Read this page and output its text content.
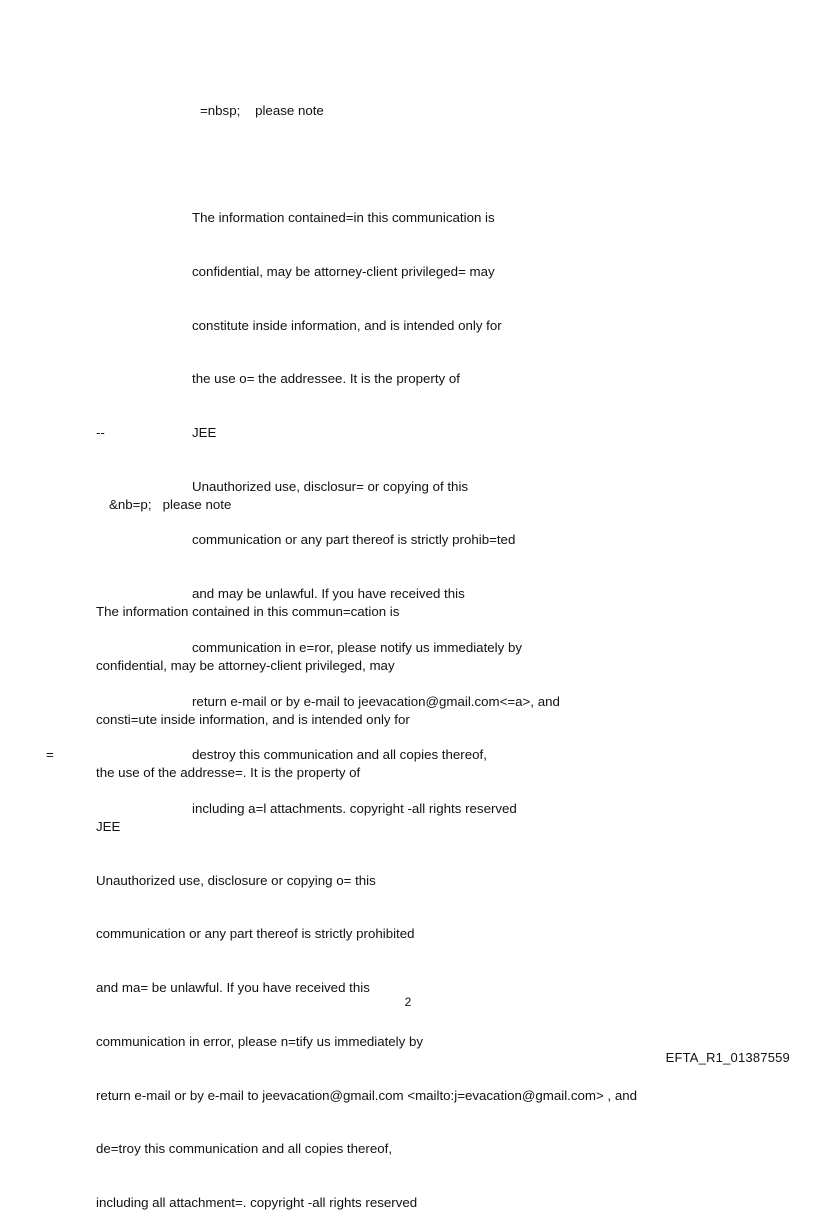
=nbsp;    please note

The information contained=in this communication is

confidential, may be attorney-client privileged= may

constitute inside information, and is intended only for

the use o= the addressee. It is the property of

JEE

Unauthorized use, disclosur= or copying of this

communication or any part thereof is strictly prohib=ted

and may be unlawful. If you have received this

communication in e=ror, please notify us immediately by

return e-mail or by e-mail to jeevacation@gmail.com<=a>, and

destroy this communication and all copies thereof,

including a=l attachments. copyright -all rights reserved

--

&nb=p;   please note

The information contained in this commun=cation is

confidential, may be attorney-client privileged, may

consti=ute inside information, and is intended only for

the use of the addresse=. It is the property of

JEE

Unauthorized use, disclosure or copying o= this

communication or any part thereof is strictly prohibited

and ma= be unlawful. If you have received this

communication in error, please n=tify us immediately by

return e-mail or by e-mail to jeevacation@gmail.com <mailto:j=evacation@gmail.com> , and

de=troy this communication and all copies thereof,

including all attachment=. copyright -all rights reserved

=
2
EFTA_R1_01387559
